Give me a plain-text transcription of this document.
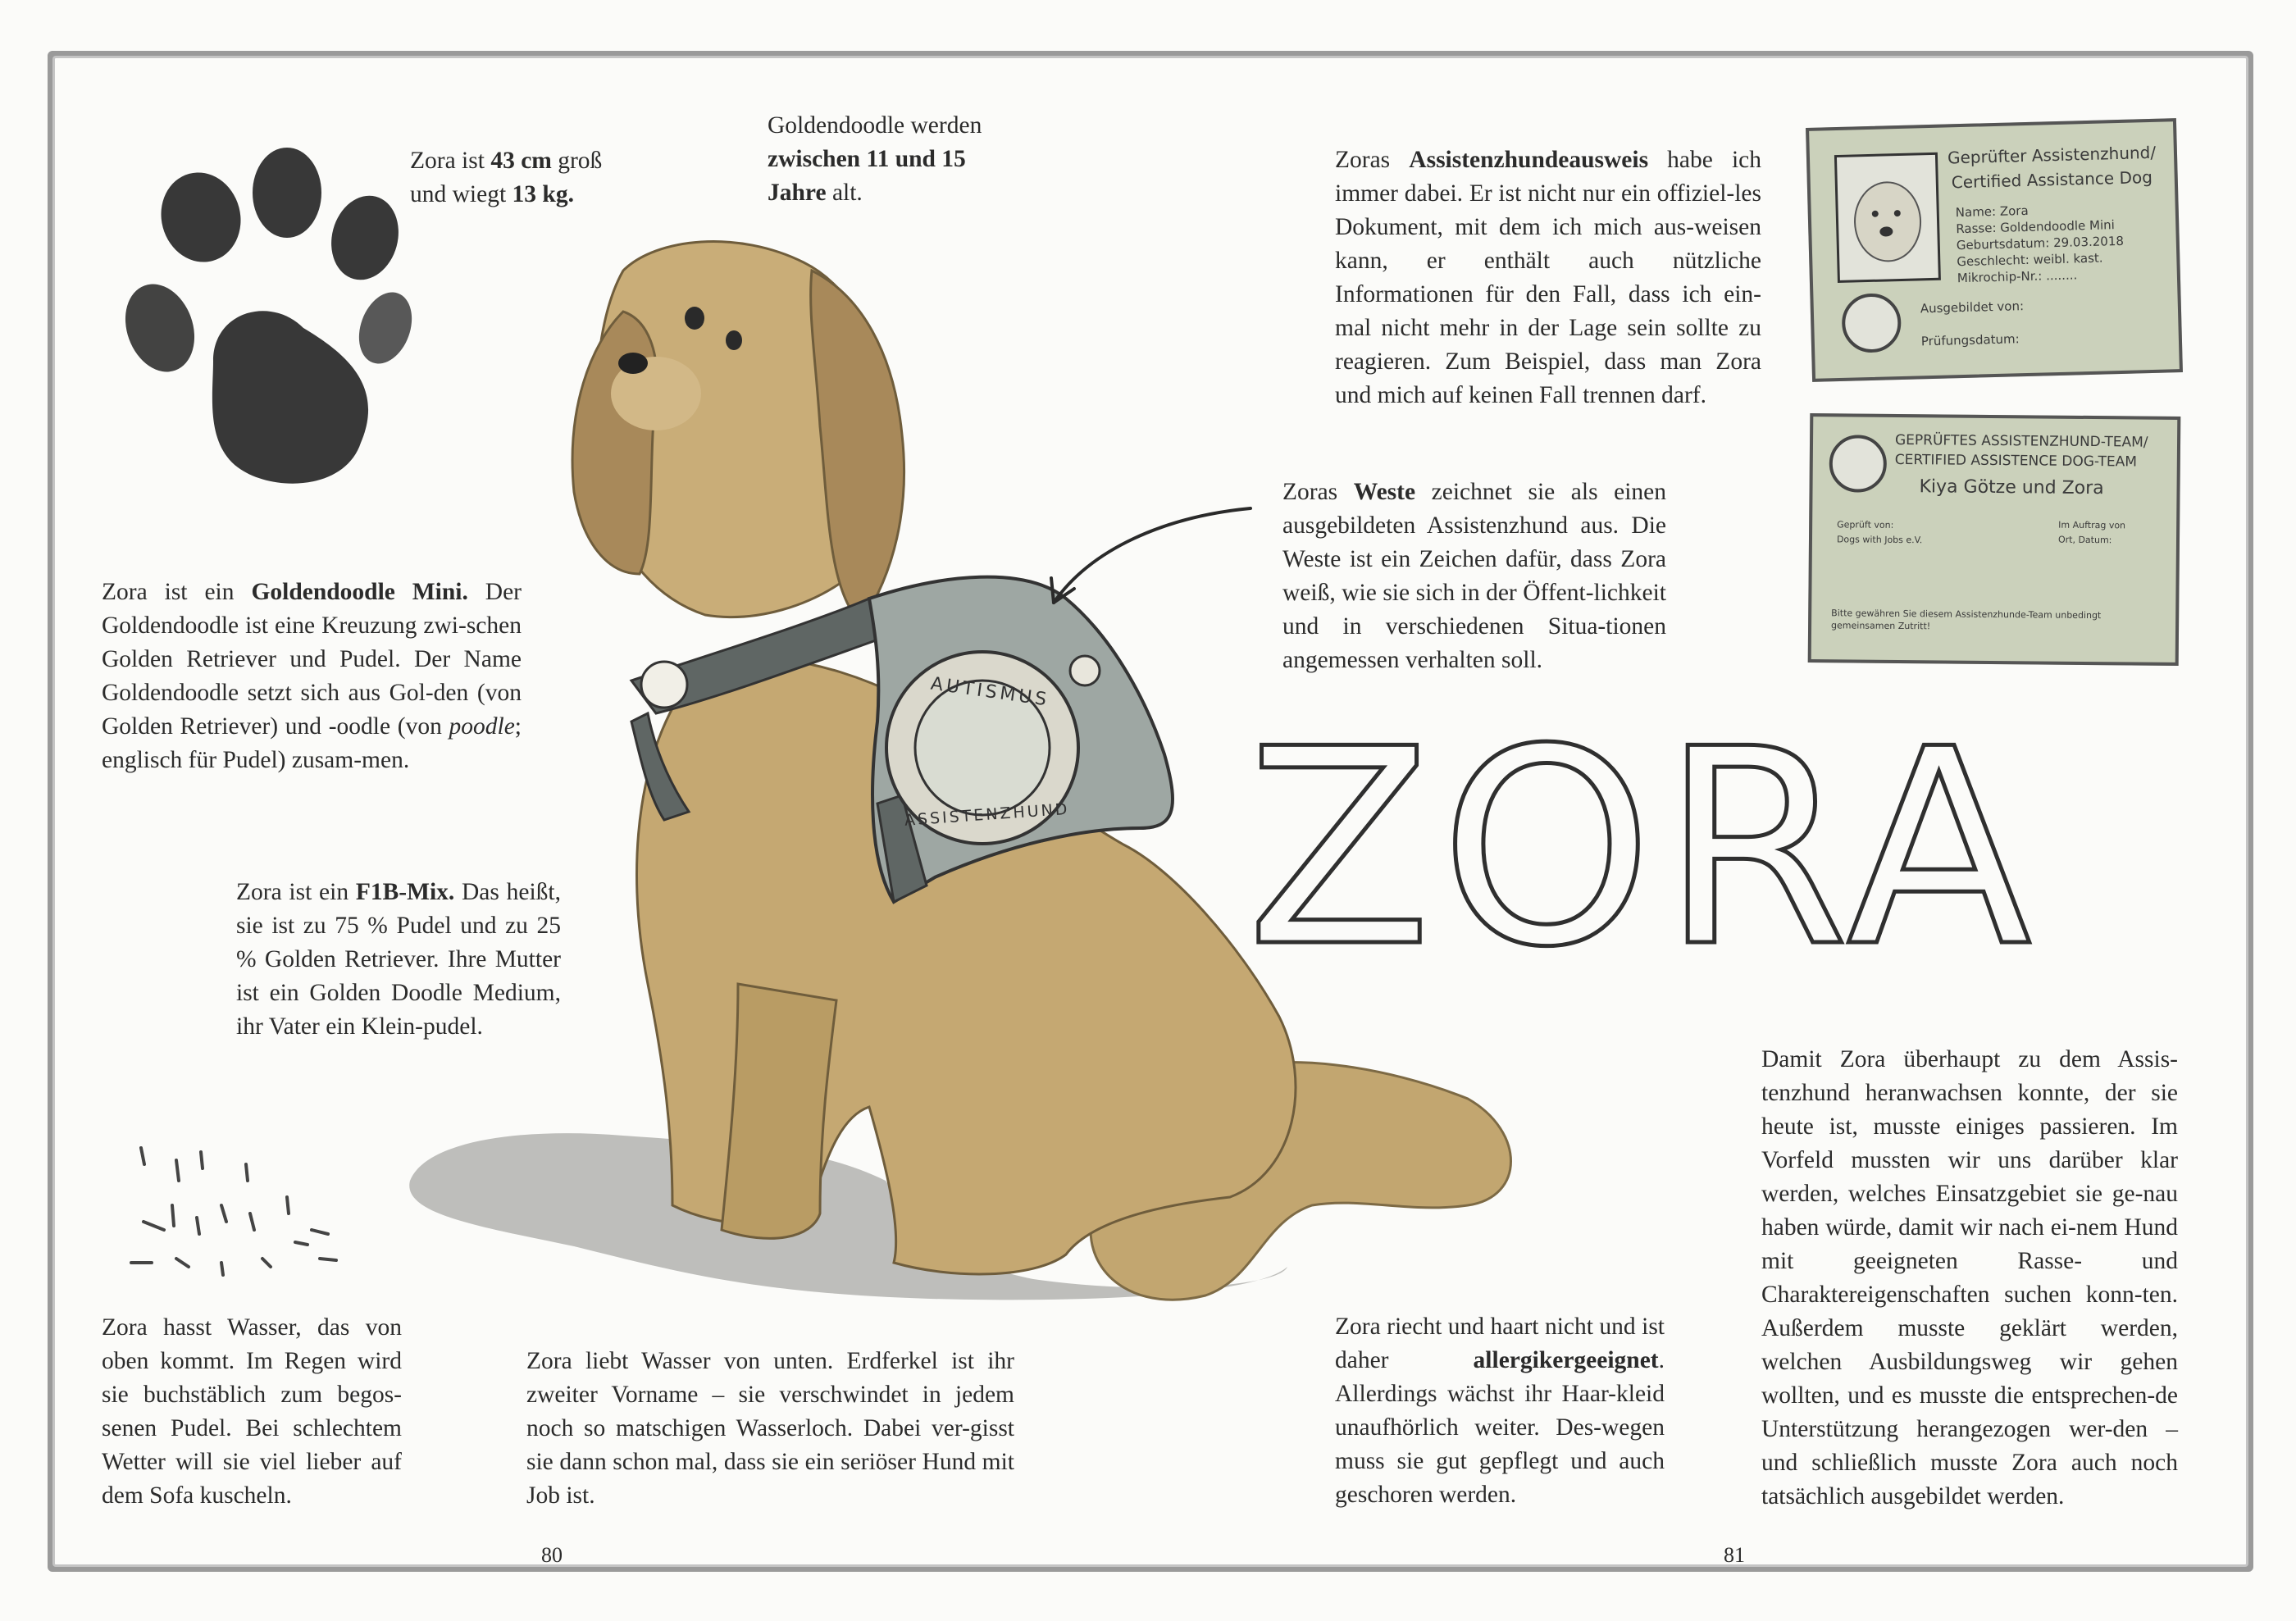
AUTISMUS
ASSISTENZHUND ZORA
Zora ist 43 cm groß und wiegt 13 kg.
Goldendoodle werden zwischen 11 und 15 Jahre alt.
Zora ist ein Goldendoodle Mini. Der Goldendoodle ist eine Kreuzung zwi-schen Golden Retriever und Pudel. Der Name Goldendoodle setzt sich aus Gol-den (von Golden Retriever) und -oodle (von poodle; englisch für Pudel) zusam-men.
Zora ist ein F1B-Mix. Das heißt, sie ist zu 75 % Pudel und zu 25 % Golden Retriever. Ihre Mutter ist ein Golden Doodle Medium, ihr Vater ein Klein-pudel.
Zora hasst Wasser, das von oben kommt. Im Regen wird sie buchstäblich zum begos-senen Pudel. Bei schlechtem Wetter will sie viel lieber auf dem Sofa kuscheln.
Zora liebt Wasser von unten. Erdferkel ist ihr zweiter Vorname – sie verschwindet in jedem noch so matschigen Wasserloch. Dabei ver-gisst sie dann schon mal, dass sie ein seriöser Hund mit Job ist.
Zoras Assistenzhundeausweis habe ich immer dabei. Er ist nicht nur ein offiziel-les Dokument, mit dem ich mich aus-weisen kann, er enthält auch nützliche Informationen für den Fall, dass ich ein-mal nicht mehr in der Lage sein sollte zu reagieren. Zum Beispiel, dass man Zora und mich auf keinen Fall trennen darf.
Zoras Weste zeichnet sie als einen ausgebildeten Assistenzhund aus. Die Weste ist ein Zeichen dafür, dass Zora weiß, wie sie sich in der Öffent-lichkeit und in verschiedenen Situa-tionen angemessen verhalten soll.
Zora riecht und haart nicht und ist daher allergikergeeignet. Allerdings wächst ihr Haar-kleid unaufhörlich weiter. Des-wegen muss sie gut gepflegt und auch geschoren werden.
Damit Zora überhaupt zu dem Assis-tenzhund heranwachsen konnte, der sie heute ist, musste einiges passieren. Im Vorfeld mussten wir uns darüber klar werden, welches Einsatzgebiet sie ge-nau haben würde, damit wir nach ei-nem Hund mit geeigneten Rasse- und Charaktereigenschaften suchen konn-ten. Außerdem musste geklärt werden, welchen Ausbildungsweg wir gehen wollten, und es musste die entsprechen-de Unterstützung herangezogen wer-den – und schließlich musste Zora auch noch tatsächlich ausgebildet werden.
80	81
Geprüfter Assistenzhund/
Certified Assistance Dog
Name: Zora
Rasse: Goldendoodle Mini
Geburtsdatum: 29.03.2018
Geschlecht: weibl. kast.
Mikrochip-Nr.: ........
Ausgebildet von:
Prüfungsdatum:
GEPRÜFTES ASSISTENZHUND-TEAM/
CERTIFIED ASSISTENCE DOG-TEAM
Kiya Götze und Zora
Geprüft von:
Dogs with Jobs e.V.
Im Auftrag von
Ort, Datum:
Bitte gewähren Sie diesem Assistenzhunde-Team unbedingt gemeinsamen Zutritt!
